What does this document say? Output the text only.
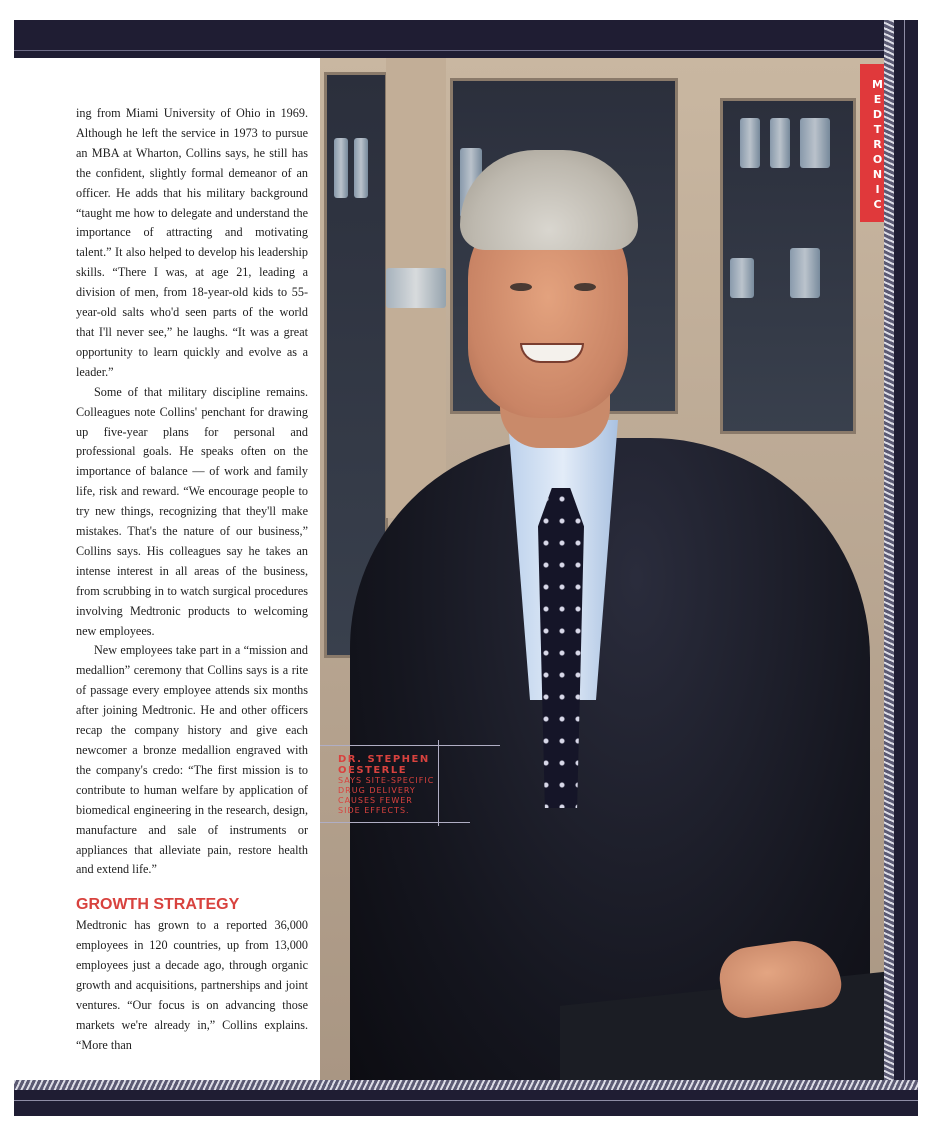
MEDTRONIC
DR. STEPHEN OESTERLE
SAYS SITE-SPECIFIC DRUG DELIVERY CAUSES FEWER SIDE EFFECTS.

ing from Miami University of Ohio in 1969. Although he left the service in 1973 to pursue an MBA at Wharton, Collins says, he still has the confident, slightly formal demeanor of an officer. He adds that his military background “taught me how to delegate and understand the importance of attracting and motivating talent.” It also helped to develop his leadership skills. “There I was, at age 21, leading a division of men, from 18-year-old kids to 55-year-old salts who'd seen parts of the world that I'll never see,” he laughs. “It was a great opportunity to learn quickly and evolve as a leader.”

Some of that military discipline remains. Colleagues note Collins' penchant for drawing up five-year plans for personal and professional goals. He speaks often on the importance of balance — of work and family life, risk and reward. “We encourage people to try new things, recognizing that they'll make mistakes. That's the nature of our business,” Collins says. His colleagues say he takes an intense interest in all areas of the business, from scrubbing in to watch surgical procedures involving Medtronic products to welcoming new employees.

New employees take part in a “mission and medallion” ceremony that Collins says is a rite of passage every employee attends six months after joining Medtronic. He and other officers recap the company history and give each newcomer a bronze medallion engraved with the company's credo: “The first mission is to contribute to human welfare by application of biomedical engineering in the research, design, manufacture and sale of instruments or appliances that alleviate pain, restore health and extend life.”

GROWTH STRATEGY

Medtronic has grown to a reported 36,000 employees in 120 countries, up from 13,000 employees just a decade ago, through organic growth and acquisitions, partnerships and joint ventures. “Our focus is on advancing those markets we're already in,” Collins explains. “More than
